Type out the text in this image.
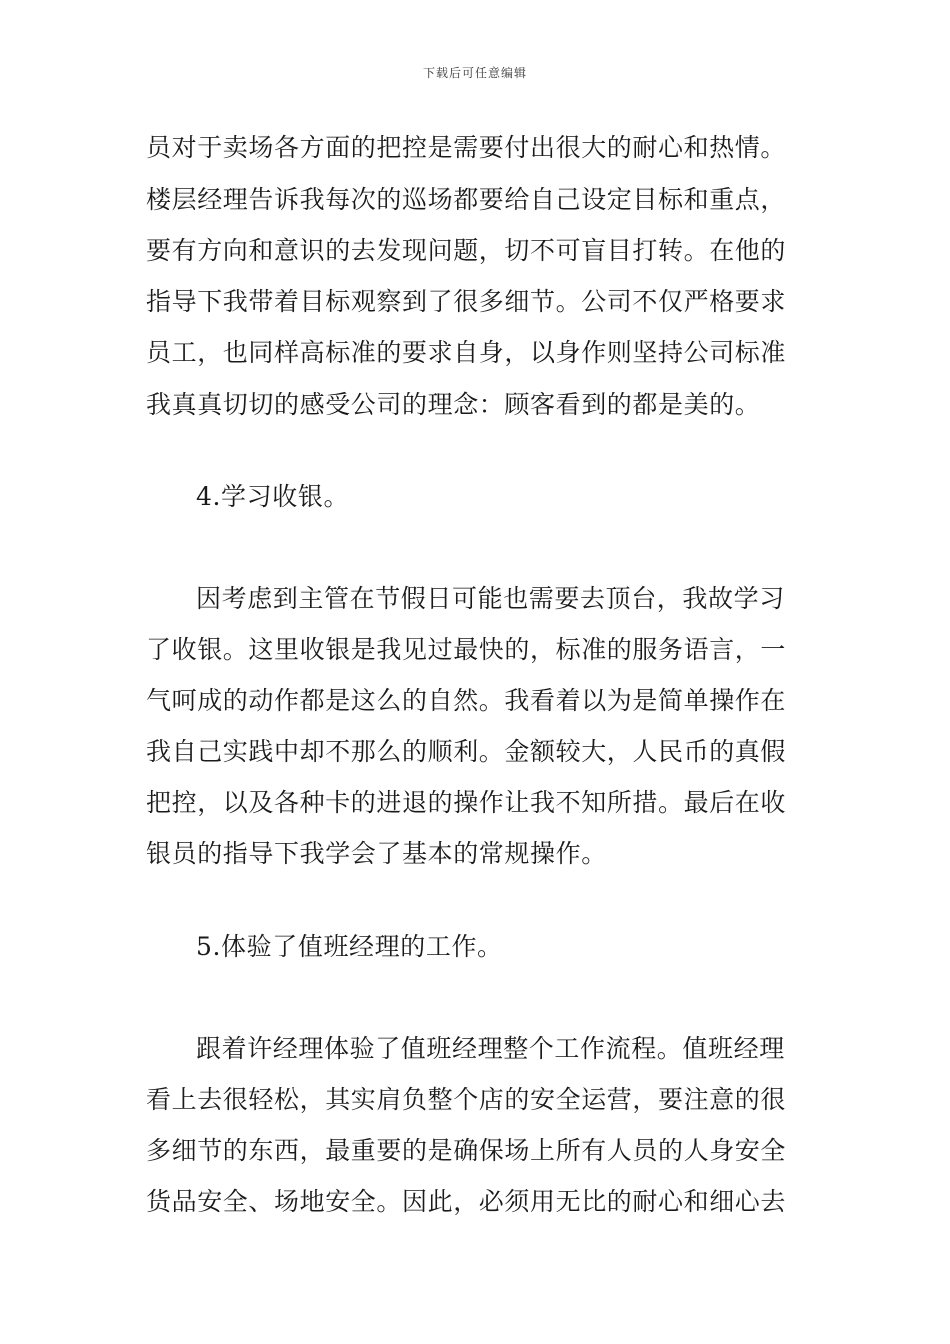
下载后可任意编辑
员对于卖场各方面的把控是需要付出很大的耐心和热情。
楼层经理告诉我每次的巡场都要给自己设定目标和重点，
要有方向和意识的去发现问题，切不可盲目打转。在他的
指导下我带着目标观察到了很多细节。公司不仅严格要求
员工，也同样高标准的要求自身，以身作则坚持公司标准
我真真切切的感受公司的理念：顾客看到的都是美的。
4.学习收银。
因考虑到主管在节假日可能也需要去顶台，我故学习
了收银。这里收银是我见过最快的，标准的服务语言，一
气呵成的动作都是这么的自然。我看着以为是简单操作在
我自己实践中却不那么的顺利。金额较大，人民币的真假
把控，以及各种卡的进退的操作让我不知所措。最后在收
银员的指导下我学会了基本的常规操作。
5.体验了值班经理的工作。
跟着许经理体验了值班经理整个工作流程。值班经理
看上去很轻松，其实肩负整个店的安全运营，要注意的很
多细节的东西，最重要的是确保场上所有人员的人身安全
货品安全、场地安全。因此，必须用无比的耐心和细心去
